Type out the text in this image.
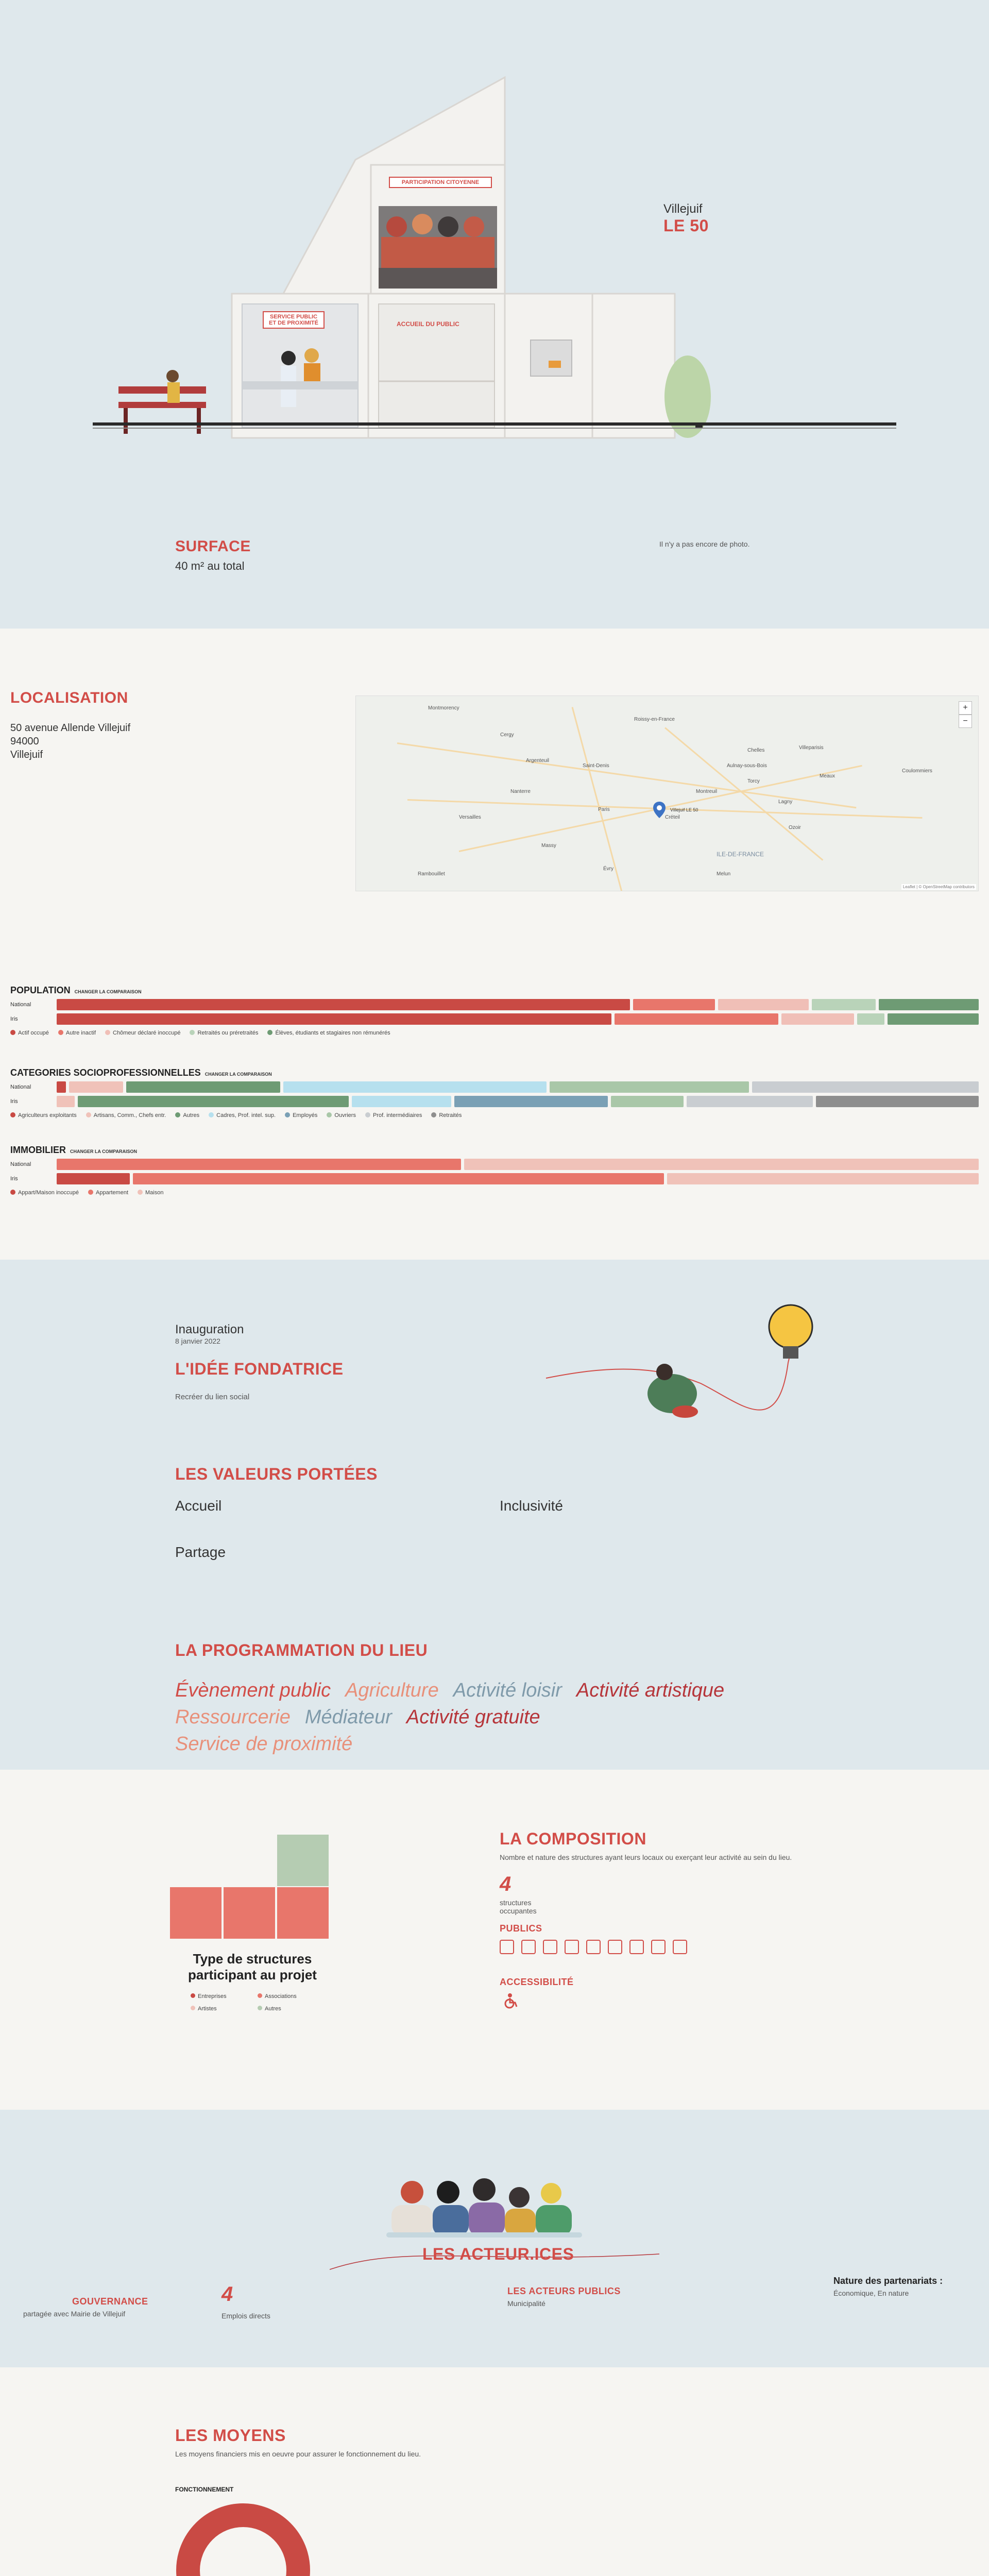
PARTICIPATION CITOYENNE
SERVICE PUBLIC ET DE PROXIMITÉ	ACCUEIL DU PUBLIC
Villejuif
LE 50
SURFACE
40 m² au total
Il n'y a pas encore de photo.
LOCALISATION
50 avenue Allende Villejuif
94000
Villejuif
Montmorency
Roissy-en-France
Cergy
Argenteuil
Saint-Denis	Aulnay-sous-Bois
Nanterre
Paris
Versailles	Créteil
Montreuil
Massy
Évry
Meaux
Lagny
ILE-DE-FRANCE
Melun
Torcy
Ozoir
Rambouillet
Chelles	Villeparisis
Coulommiers
Villejuif LE 50
+
−
Leaflet | © OpenStreetMap contributors
POPULATION CHANGER LA COMPARAISON
National
Iris
Actif occupé	Autre inactif	Chômeur déclaré inoccupé	Retraités ou préretraités	Élèves, étudiants et stagiaires non rémunérés
CATEGORIES SOCIOPROFESSIONNELLES CHANGER LA COMPARAISON
National
Iris
Agriculteurs exploitants	Artisans, Comm., Chefs entr.	Autres	Cadres, Prof. intel. sup.	Employés	Ouvriers	Prof. intermédiaires	Retraités
IMMOBILIER CHANGER LA COMPARAISON
National
Iris
Appart/Maison inoccupé	Appartement	Maison
Inauguration
8 janvier 2022
L'IDÉE FONDATRICE
Recréer du lien social
LES VALEURS PORTÉES
Accueil	Inclusivité
Partage
LA PROGRAMMATION DU LIEU
Évènement public Agriculture Activité loisir Activité artistiqueRessourcerie Médiateur Activité gratuiteService de proximité
Type de structures participant au projet
Entreprises	Associations
Artistes	Autres
LA COMPOSITION
Nombre et nature des structures ayant leurs locaux ou exerçant leur activité au sein du lieu.
4
structures occupantes
PUBLICS
ACCESSIBILITÉ
LES ACTEUR.ICES
GOUVERNANCE
partagée avec Mairie de Villejuif
4
Emplois directs
LES ACTEURS PUBLICS
Municipalité
Nature des partenariats :
Économique, En nature
LES MOYENS
Les moyens financiers mis en oeuvre pour assurer le fonctionnement du lieu.
FONCTIONNEMENT
